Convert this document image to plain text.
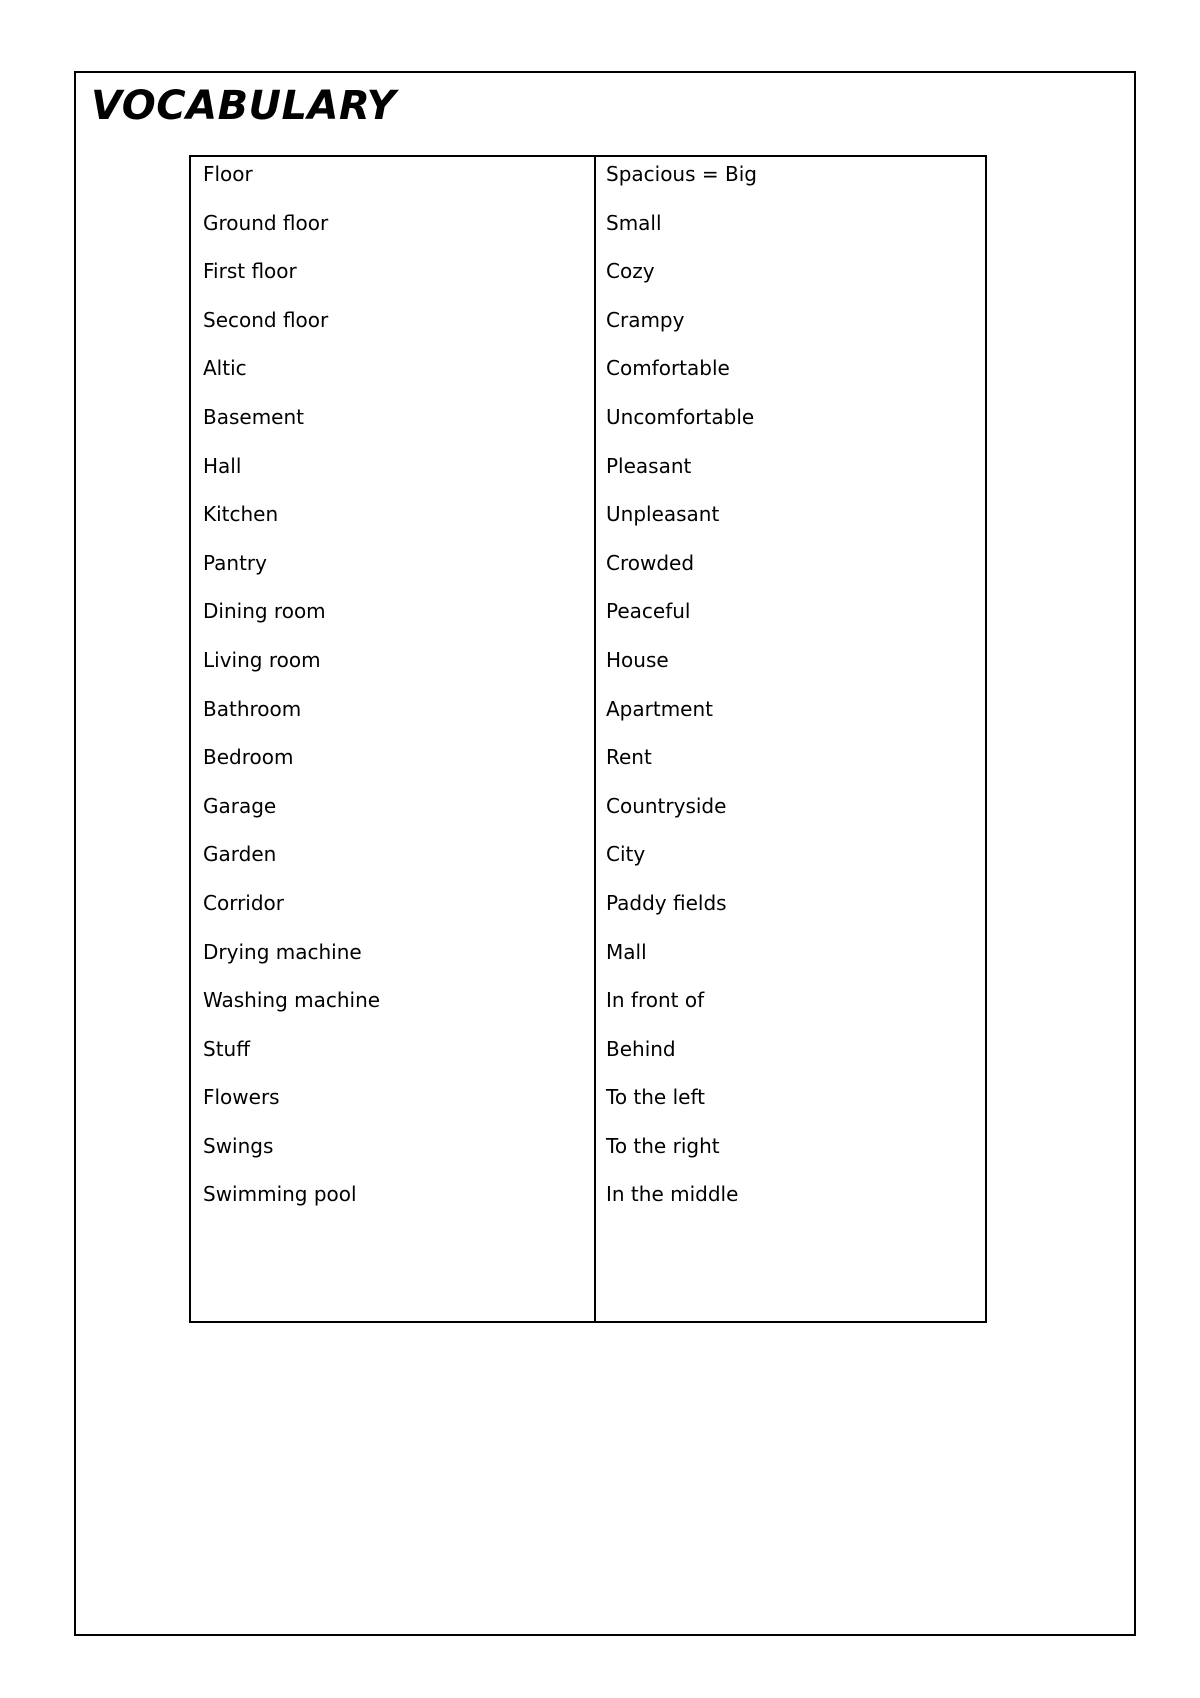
VOCABULARY
Floor
Ground floor
First floor
Second floor
Altic
Basement
Hall
Kitchen
Pantry
Dining room
Living room
Bathroom
Bedroom
Garage
Garden
Corridor
Drying machine
Washing machine
Stuff
Flowers
Swings
Swimming pool
Spacious = Big
Small
Cozy
Crampy
Comfortable
Uncomfortable
Pleasant
Unpleasant
Crowded
Peaceful
House
Apartment
Rent
Countryside
City
Paddy fields
Mall
In front of
Behind
To the left
To the right
In the middle
